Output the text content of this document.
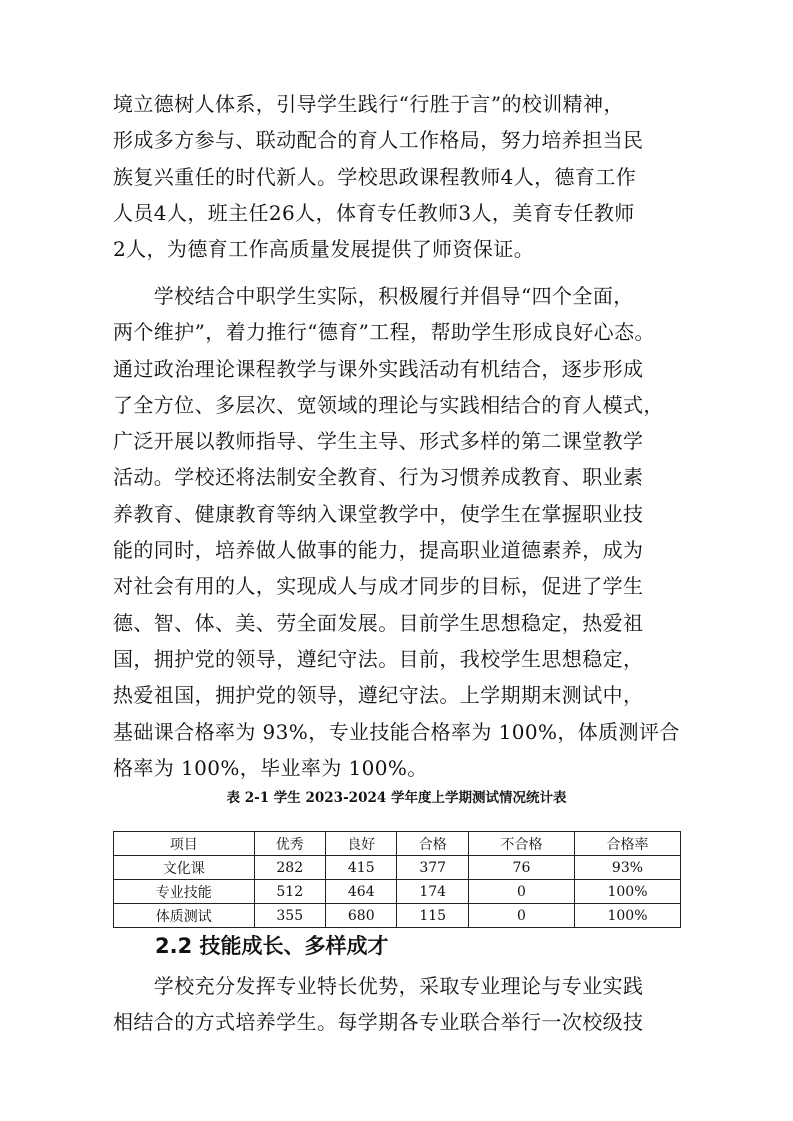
境立德树人体系，引导学生践行“行胜于言”的校训精神，
形成多方参与、联动配合的育人工作格局，努力培养担当民
族复兴重任的时代新人。学校思政课程教师4人，德育工作
人员4人，班主任26人，体育专任教师3人，美育专任教师
2人，为德育工作高质量发展提供了师资保证。
　　学校结合中职学生实际，积极履行并倡导“四个全面，
两个维护”，着力推行“德育”工程，帮助学生形成良好心态。
通过政治理论课程教学与课外实践活动有机结合，逐步形成
了全方位、多层次、宽领域的理论与实践相结合的育人模式，
广泛开展以教师指导、学生主导、形式多样的第二课堂教学
活动。学校还将法制安全教育、行为习惯养成教育、职业素
养教育、健康教育等纳入课堂教学中，使学生在掌握职业技
能的同时，培养做人做事的能力，提高职业道德素养，成为
对社会有用的人，实现成人与成才同步的目标，促进了学生
德、智、体、美、劳全面发展。目前学生思想稳定，热爱祖
国，拥护党的领导，遵纪守法。目前，我校学生思想稳定，
热爱祖国，拥护党的领导，遵纪守法。上学期期末测试中，
基础课合格率为 93%，专业技能合格率为 100%，体质测评合
格率为 100%，毕业率为 100%。
表 2-1 学生 2023-2024 学年度上学期测试情况统计表
项目	优秀	良好	合格	不合格	合格率
文化课	282	415	377	76	93%
专业技能	512	464	174	0	100%
体质测试	355	680	115	0	100%
2.2 技能成长、多样成才
　　学校充分发挥专业特长优势，采取专业理论与专业实践
相结合的方式培养学生。每学期各专业联合举行一次校级技
